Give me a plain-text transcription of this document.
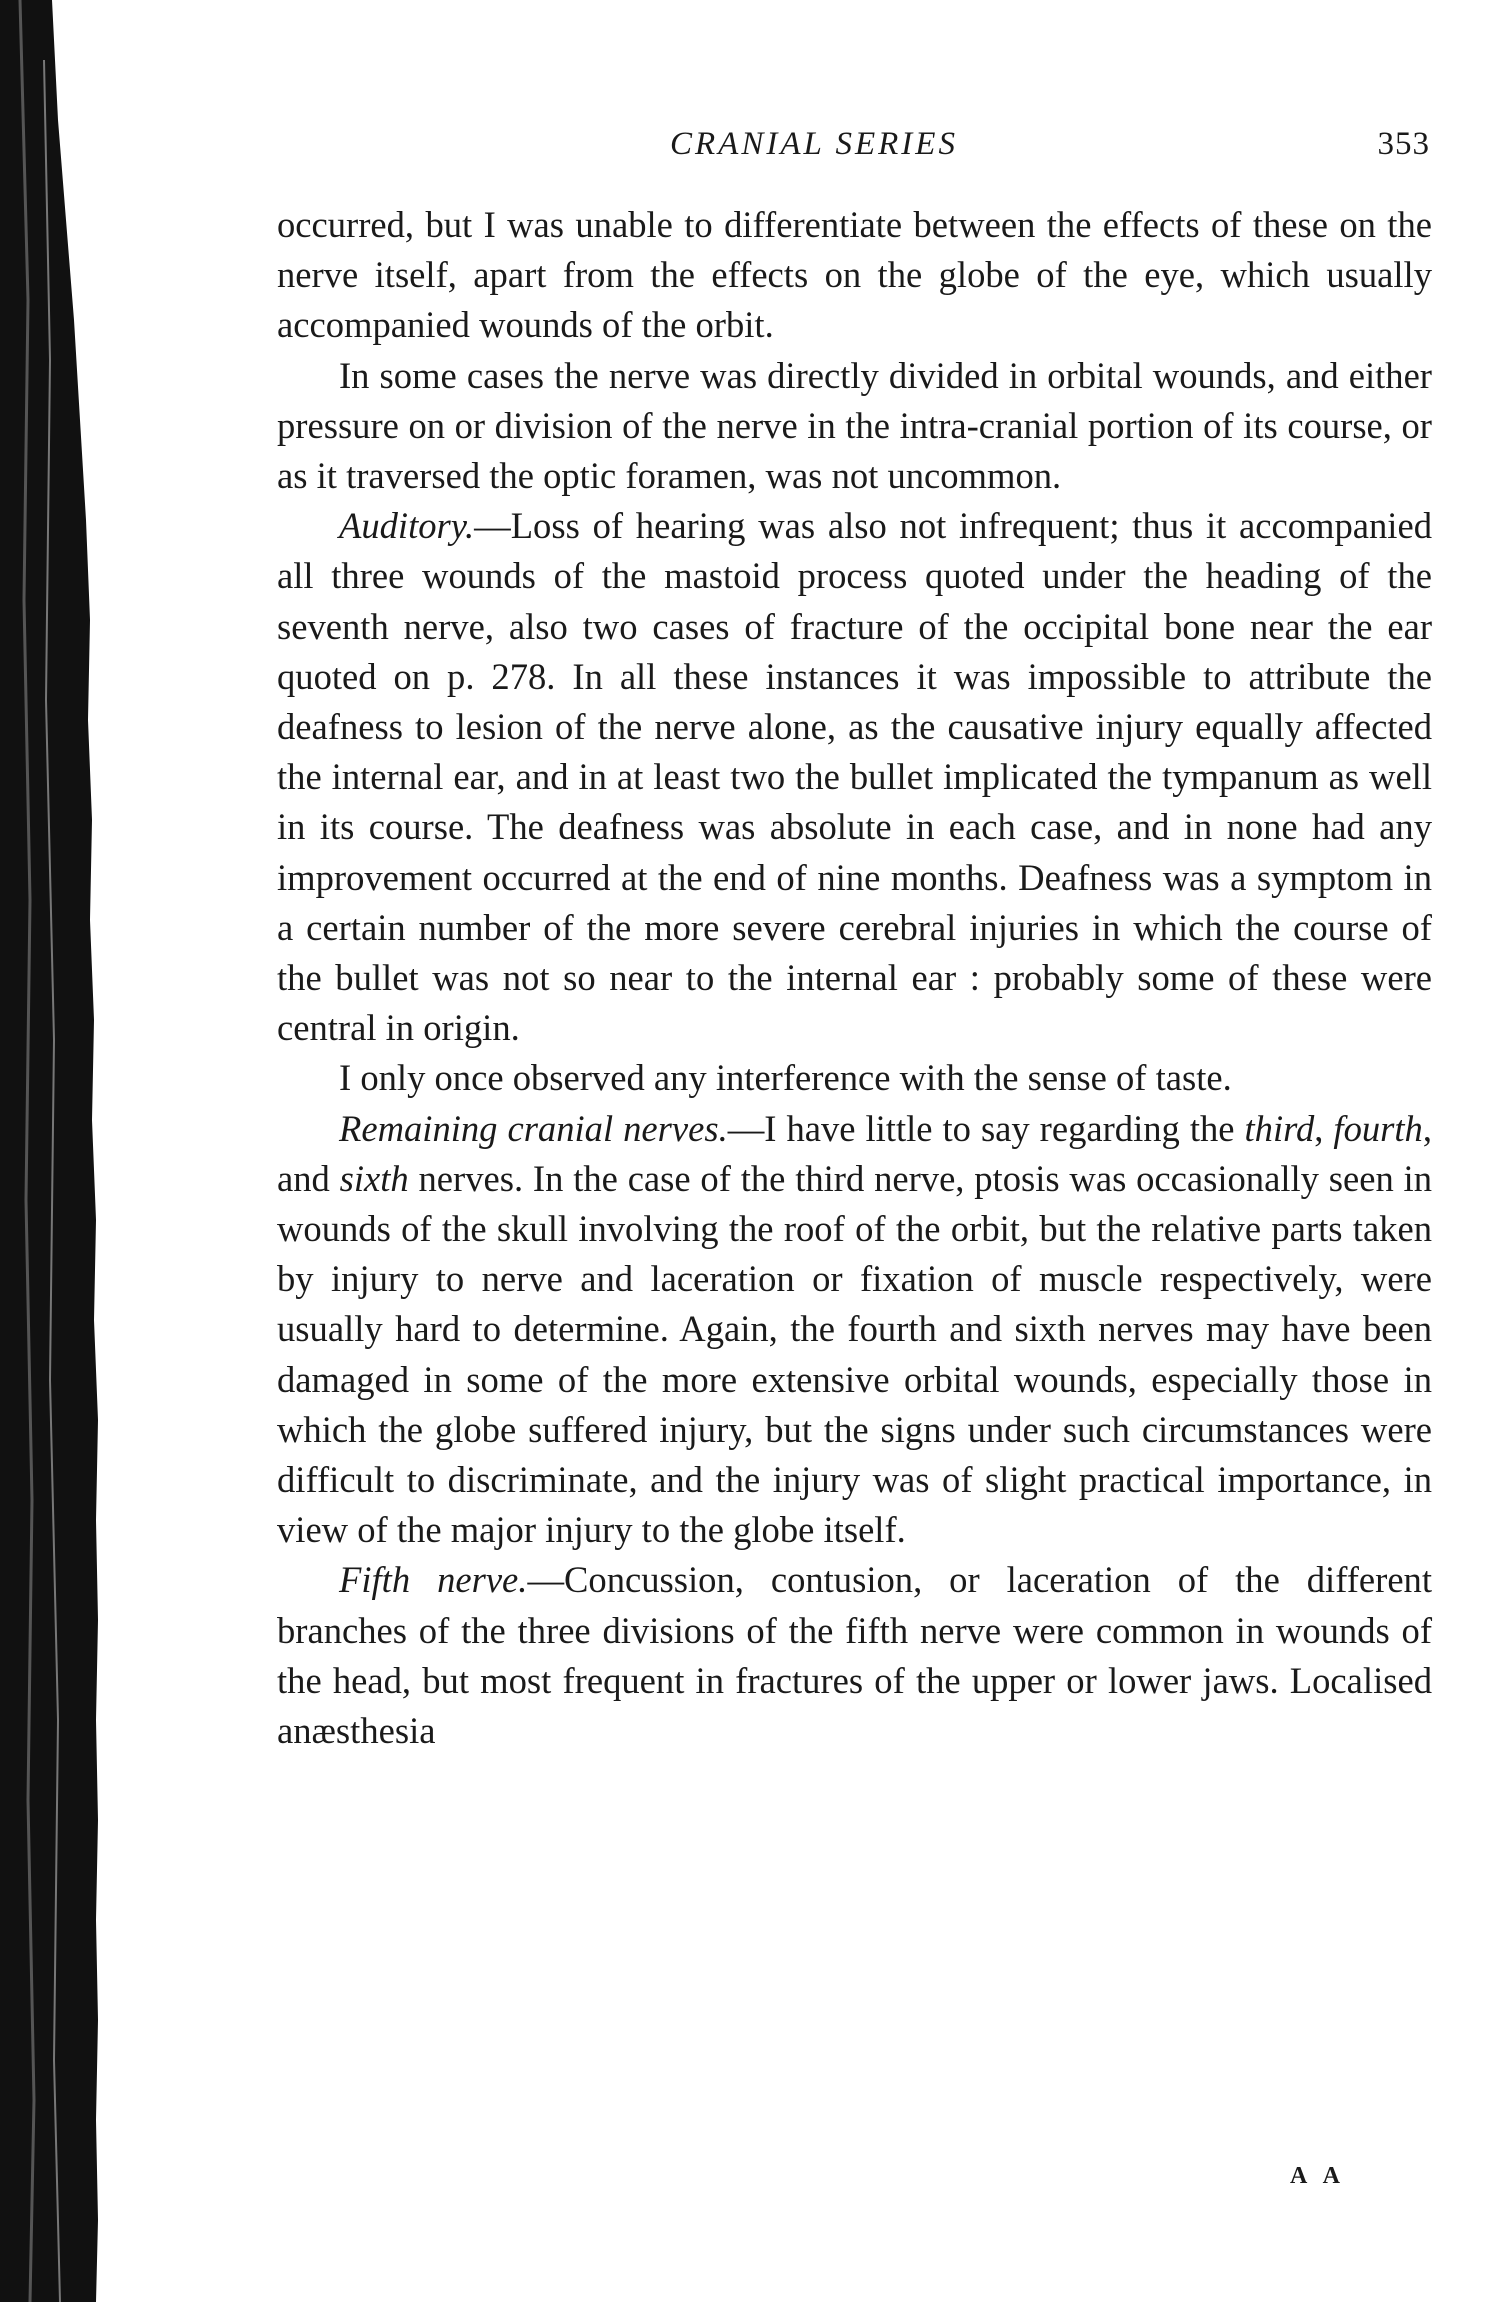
CRANIAL SERIES	353

occurred, but I was unable to differentiate between the effects of these on the nerve itself, apart from the effects on the globe of the eye, which usually accompanied wounds of the orbit.

In some cases the nerve was directly divided in orbital wounds, and either pressure on or division of the nerve in the intra-cranial portion of its course, or as it traversed the optic foramen, was not uncommon.

Auditory.—Loss of hearing was also not infrequent; thus it accompanied all three wounds of the mastoid process quoted under the heading of the seventh nerve, also two cases of fracture of the occipital bone near the ear quoted on p. 278. In all these instances it was impossible to attribute the deafness to lesion of the nerve alone, as the causative injury equally affected the internal ear, and in at least two the bullet implicated the tympanum as well in its course. The deafness was absolute in each case, and in none had any improvement occurred at the end of nine months. Deafness was a symptom in a certain number of the more severe cerebral injuries in which the course of the bullet was not so near to the internal ear : probably some of these were central in origin.

I only once observed any interference with the sense of taste.

Remaining cranial nerves.—I have little to say regarding the third, fourth, and sixth nerves. In the case of the third nerve, ptosis was occasionally seen in wounds of the skull involving the roof of the orbit, but the relative parts taken by injury to nerve and laceration or fixation of muscle respectively, were usually hard to determine. Again, the fourth and sixth nerves may have been damaged in some of the more extensive orbital wounds, especially those in which the globe suffered injury, but the signs under such circumstances were difficult to discriminate, and the injury was of slight practical importance, in view of the major injury to the globe itself.

Fifth nerve.—Concussion, contusion, or laceration of the different branches of the three divisions of the fifth nerve were common in wounds of the head, but most frequent in fractures of the upper or lower jaws. Localised anæsthesia

A A
